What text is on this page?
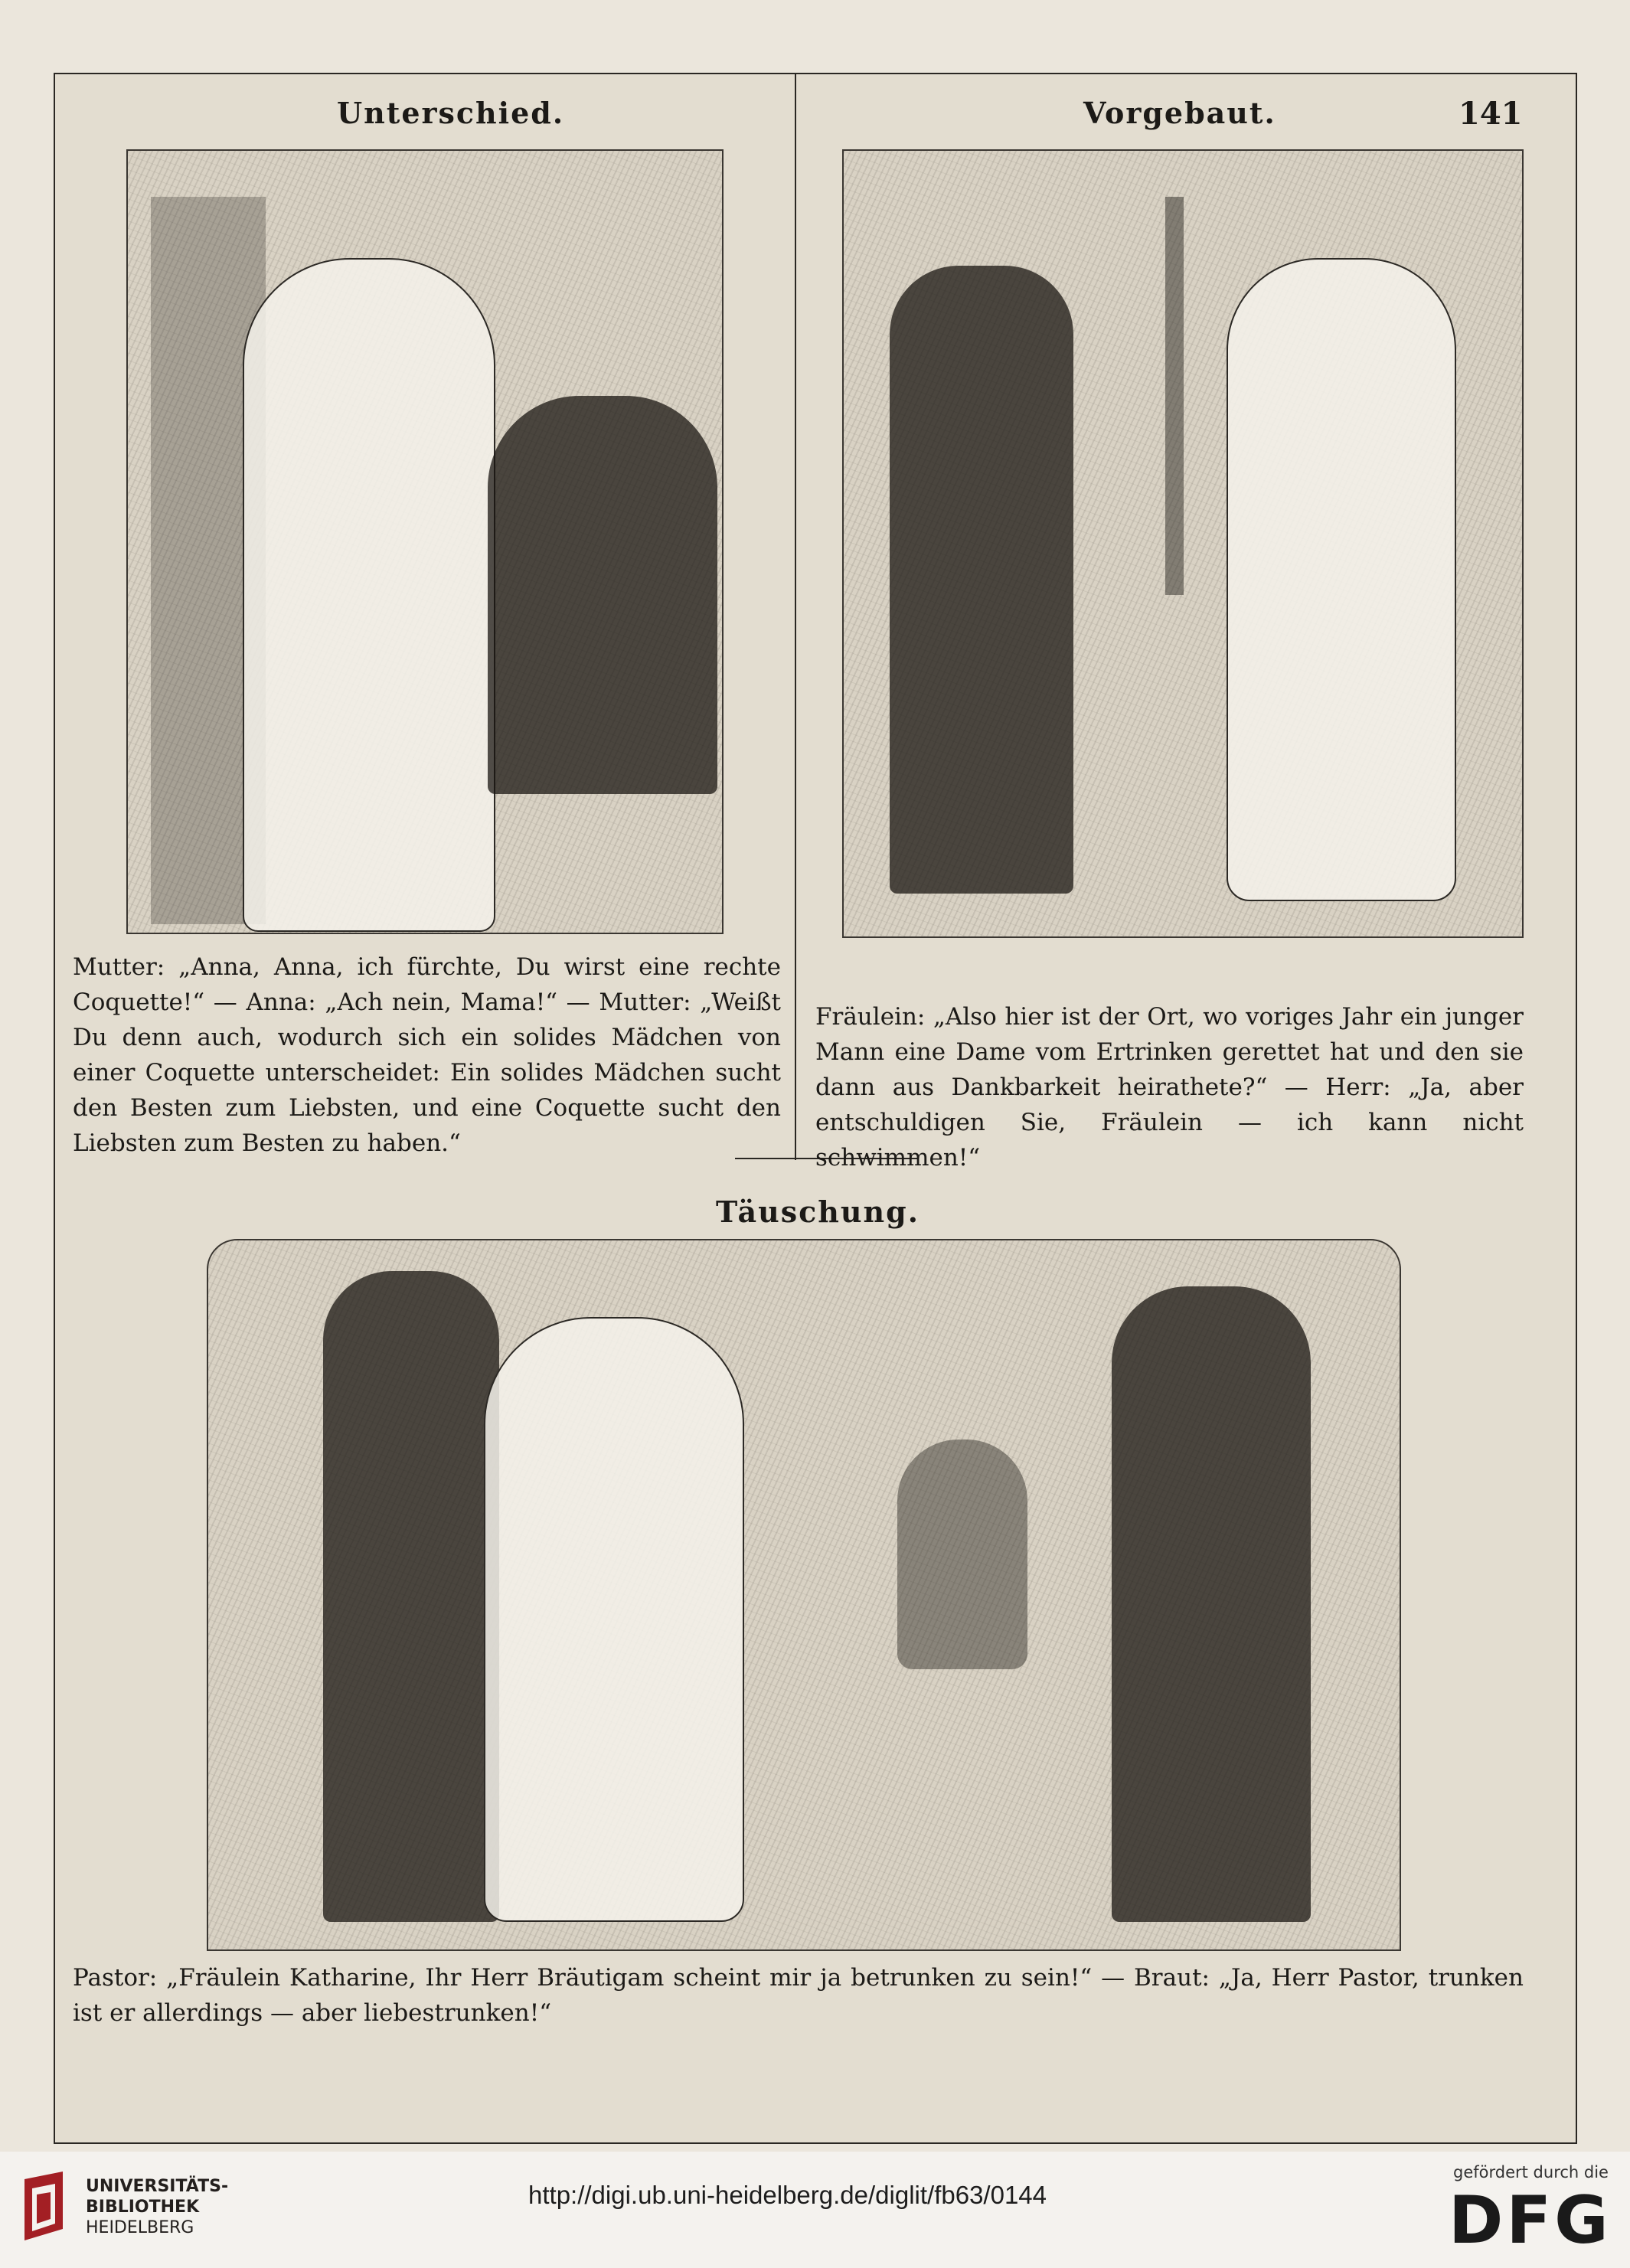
Unterschied.	Vorgebaut.	141
Mutter: „Anna, Anna, ich fürchte, Du wirst eine rechte Coquette!“ — Anna: „Ach nein, Mama!“ — Mutter: „Weißt Du denn auch, wodurch sich ein solides Mädchen von einer Coquette unterscheidet: Ein solides Mädchen sucht den Besten zum Liebsten, und eine Coquette sucht den Liebsten zum Besten zu haben.“
Fräulein: „Also hier ist der Ort, wo voriges Jahr ein junger Mann eine Dame vom Ertrinken gerettet hat und den sie dann aus Dankbarkeit heirathete?“ — Herr: „Ja, aber entschuldigen Sie, Fräulein — ich kann nicht schwimmen!“
Täuschung.
Pastor: „Fräulein Katharine, Ihr Herr Bräutigam scheint mir ja betrunken zu sein!“ — Braut: „Ja, Herr Pastor, trunken ist er allerdings — aber liebestrunken!“
UNIVERSITÄTS-
BIBLIOTHEK
HEIDELBERG
http://digi.ub.uni-heidelberg.de/diglit/fb63/0144
gefördert durch die
DFG
